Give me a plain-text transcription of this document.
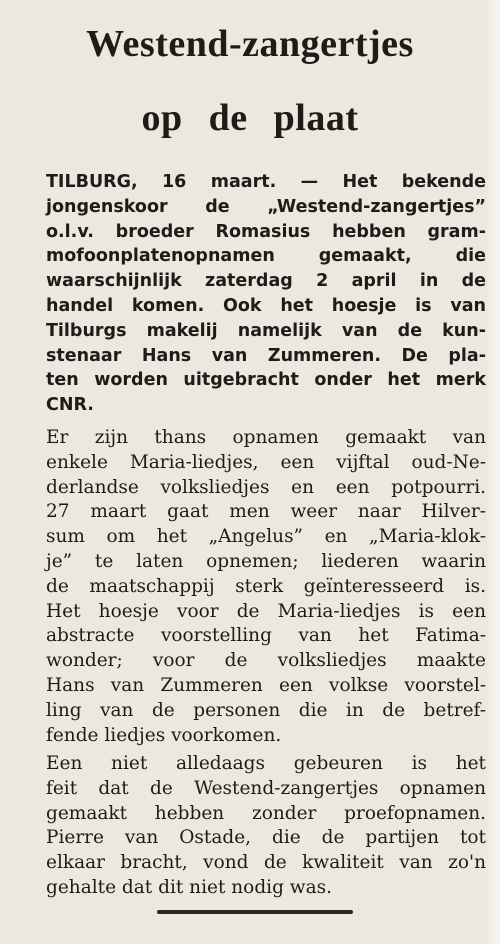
Westend-zangertjes
op de plaat
TILBURG, 16 maart. — Het bekende
jongenskoor de „Westend-zangertjes”
o.l.v. broeder Romasius hebben gram-
mofoonplatenopnamen gemaakt, die
waarschijnlijk zaterdag 2 april in de
handel komen. Ook het hoesje is van
Tilburgs makelij namelijk van de kun-
stenaar Hans van Zummeren. De pla-
ten worden uitgebracht onder het merk
CNR.
Er zijn thans opnamen gemaakt van
enkele Maria-liedjes, een vijftal oud-Ne-
derlandse volksliedjes en een potpourri.
27 maart gaat men weer naar Hilver-
sum om het „Angelus” en „Maria-klok-
je” te laten opnemen; liederen waarin
de maatschappij sterk geïnteresseerd is.
Het hoesje voor de Maria-liedjes is een
abstracte voorstelling van het Fatima-
wonder; voor de volksliedjes maakte
Hans van Zummeren een volkse voorstel-
ling van de personen die in de betref-
fende liedjes voorkomen.
Een niet alledaags gebeuren is het
feit dat de Westend-zangertjes opnamen
gemaakt hebben zonder proefopnamen.
Pierre van Ostade, die de partijen tot
elkaar bracht, vond de kwaliteit van zo'n
gehalte dat dit niet nodig was.
